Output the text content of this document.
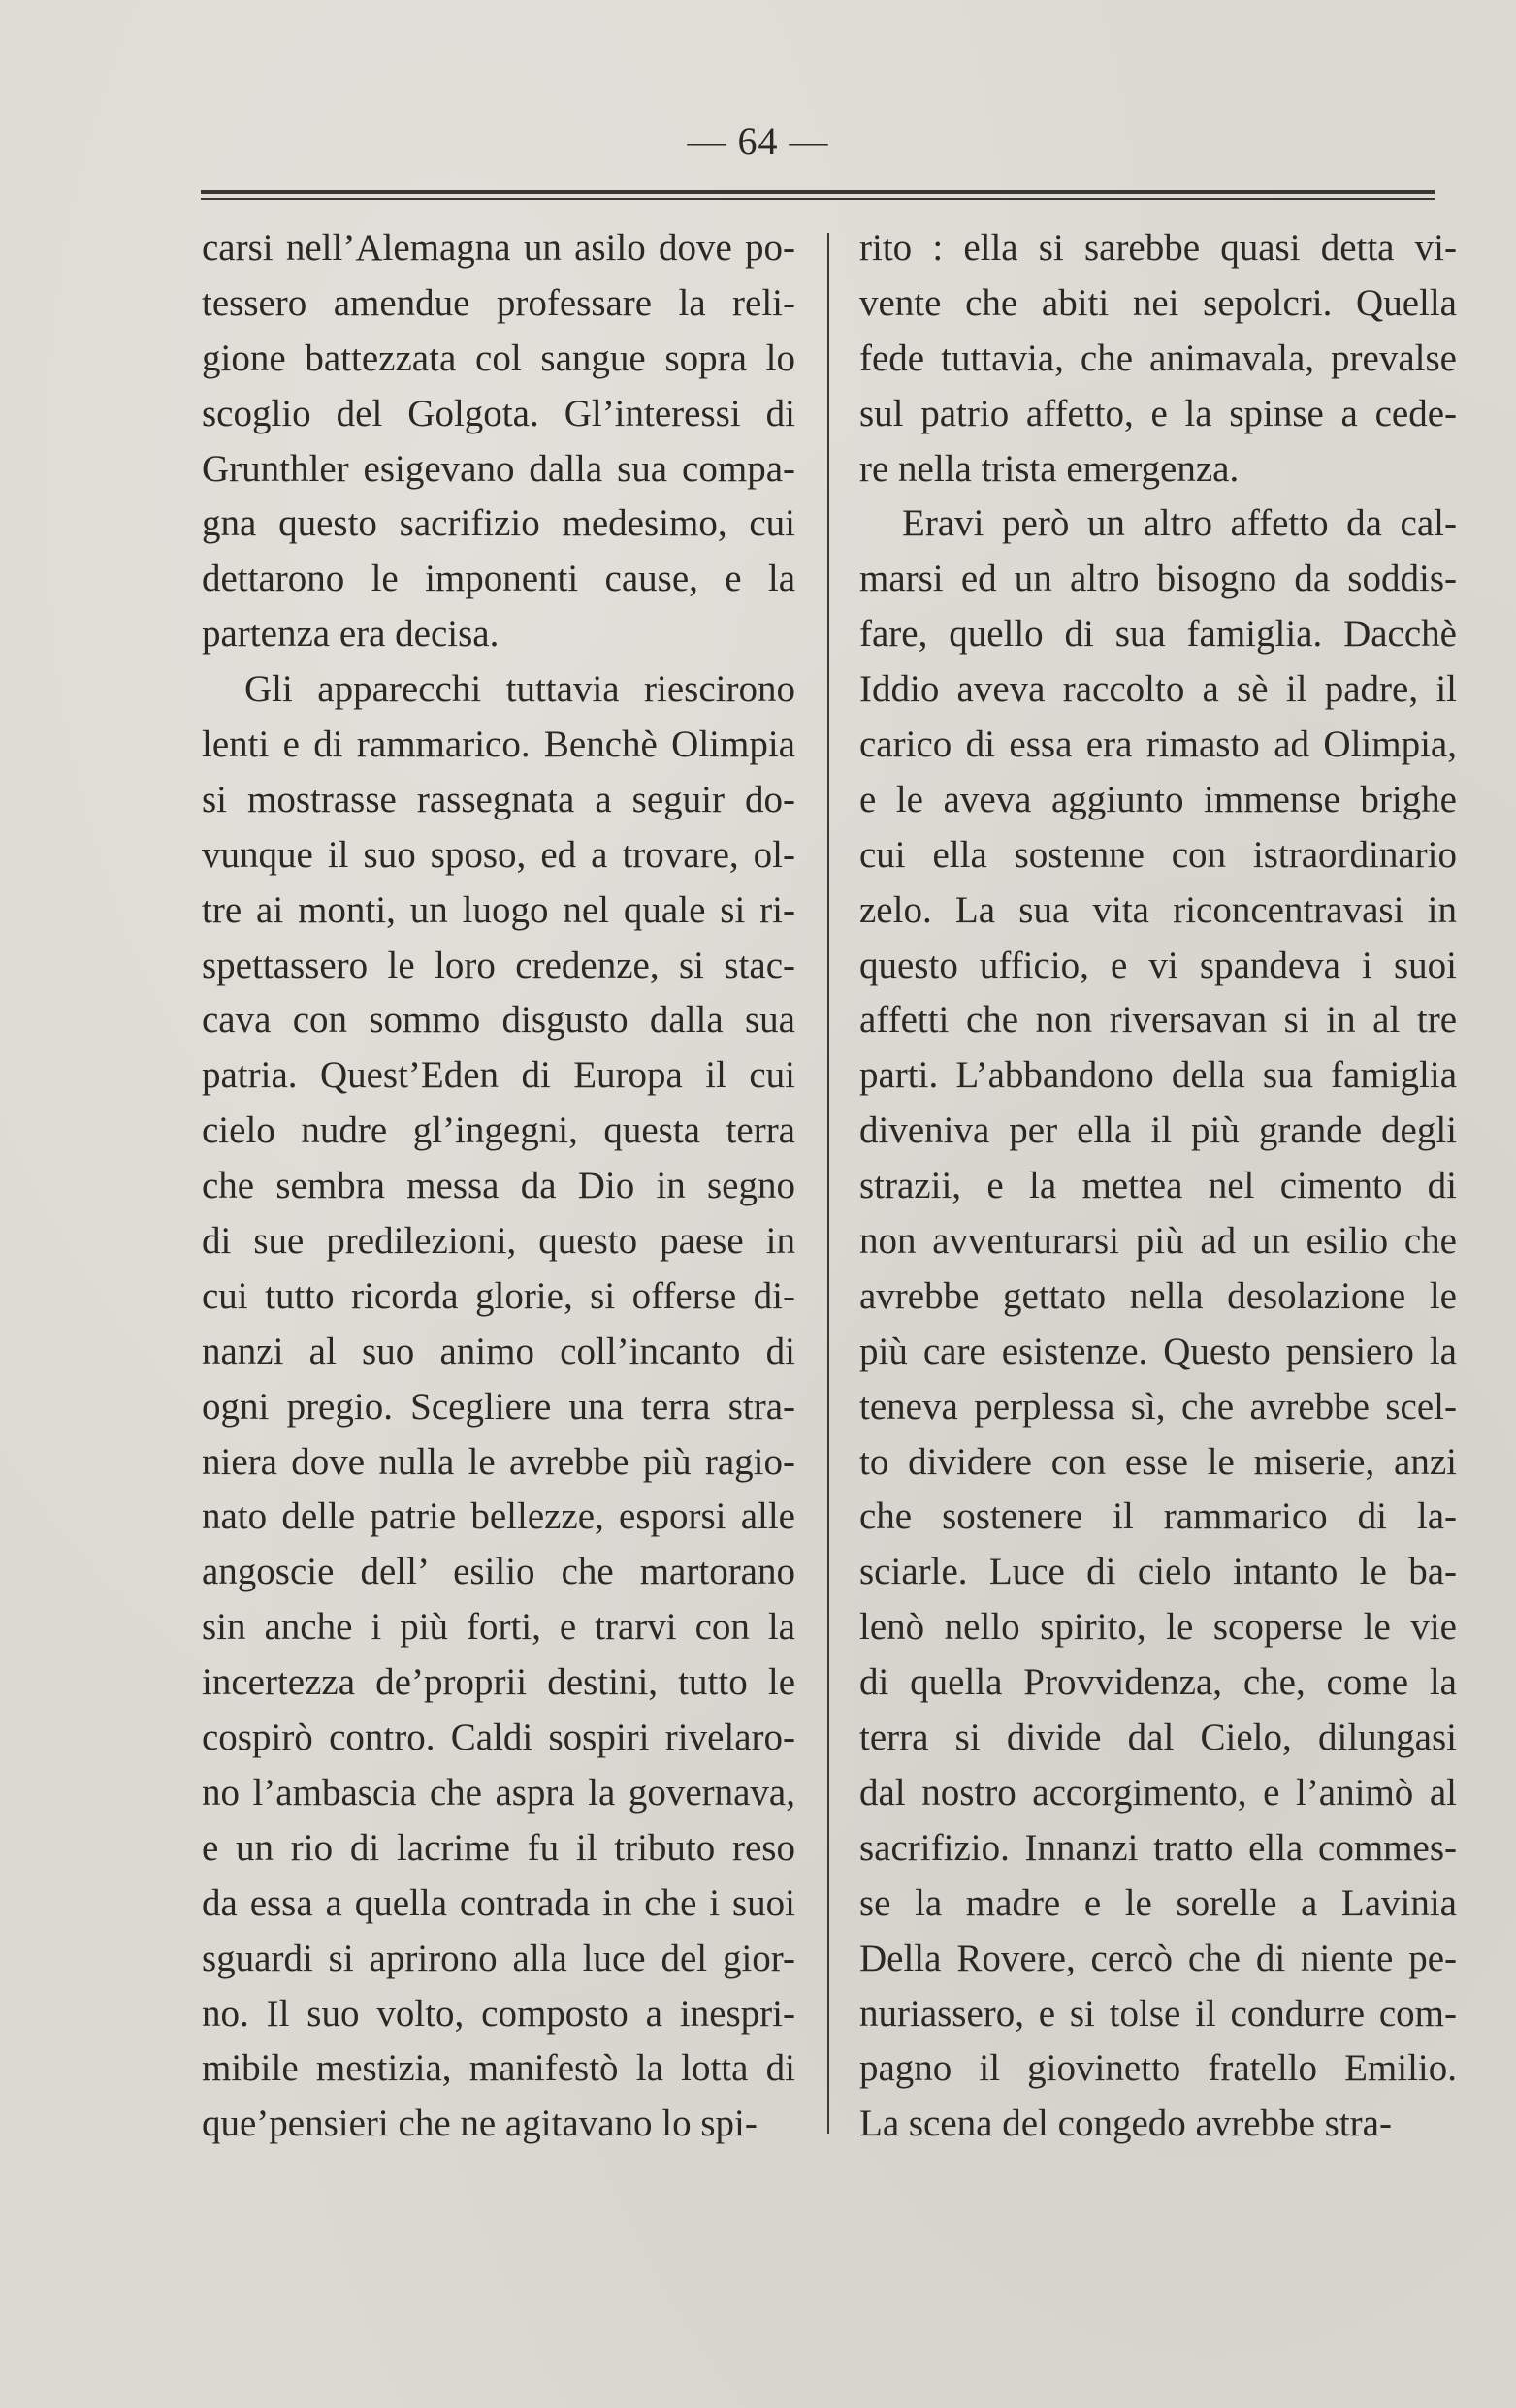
— 64 —
carsi nell’Alemagna un asilo dove po-
tessero amendue professare la reli-
gione battezzata col sangue sopra lo
scoglio del Golgota. Gl’interessi di
Grunthler esigevano dalla sua compa-
gna questo sacrifizio medesimo, cui
dettarono le imponenti cause, e la
partenza era decisa.
Gli apparecchi tuttavia riescirono
lenti e di rammarico. Benchè Olimpia
si mostrasse rassegnata a seguir do-
vunque il suo sposo, ed a trovare, ol-
tre ai monti, un luogo nel quale si ri-
spettassero le loro credenze, si stac-
cava con sommo disgusto dalla sua
patria. Quest’Eden di Europa il cui
cielo nudre gl’ingegni, questa terra
che sembra messa da Dio in segno
di sue predilezioni, questo paese in
cui tutto ricorda glorie, si offerse di-
nanzi al suo animo coll’incanto di
ogni pregio. Scegliere una terra stra-
niera dove nulla le avrebbe più ragio-
nato delle patrie bellezze, esporsi alle
angoscie dell’ esilio che martorano
sin anche i più forti, e trarvi con la
incertezza de’proprii destini, tutto le
cospirò contro. Caldi sospiri rivelaro-
no l’ambascia che aspra la governava,
e un rio di lacrime fu il tributo reso
da essa a quella contrada in che i suoi
sguardi si aprirono alla luce del gior-
no. Il suo volto, composto a inespri-
mibile mestizia, manifestò la lotta di
que’pensieri che ne agitavano lo spi-
rito : ella si sarebbe quasi detta vi-
vente che abiti nei sepolcri. Quella
fede tuttavia, che animavala, prevalse
sul patrio affetto, e la spinse a cede-
re nella trista emergenza.
Eravi però un altro affetto da cal-
marsi ed un altro bisogno da soddis-
fare, quello di sua famiglia. Dacchè
Iddio aveva raccolto a sè il padre, il
carico di essa era rimasto ad Olimpia,
e le aveva aggiunto immense brighe
cui ella sostenne con istraordinario
zelo. La sua vita riconcentravasi in
questo ufficio, e vi spandeva i suoi
affetti che non riversavan si in al tre
parti. L’abbandono della sua famiglia
diveniva per ella il più grande degli
strazii, e la mettea nel cimento di
non avventurarsi più ad un esilio che
avrebbe gettato nella desolazione le
più care esistenze. Questo pensiero la
teneva perplessa sì, che avrebbe scel-
to dividere con esse le miserie, anzi
che sostenere il rammarico di la-
sciarle. Luce di cielo intanto le ba-
lenò nello spirito, le scoperse le vie
di quella Provvidenza, che, come la
terra si divide dal Cielo, dilungasi
dal nostro accorgimento, e l’animò al
sacrifizio. Innanzi tratto ella commes-
se la madre e le sorelle a Lavinia
Della Rovere, cercò che di niente pe-
nuriassero, e si tolse il condurre com-
pagno il giovinetto fratello Emilio.
La scena del congedo avrebbe stra-
